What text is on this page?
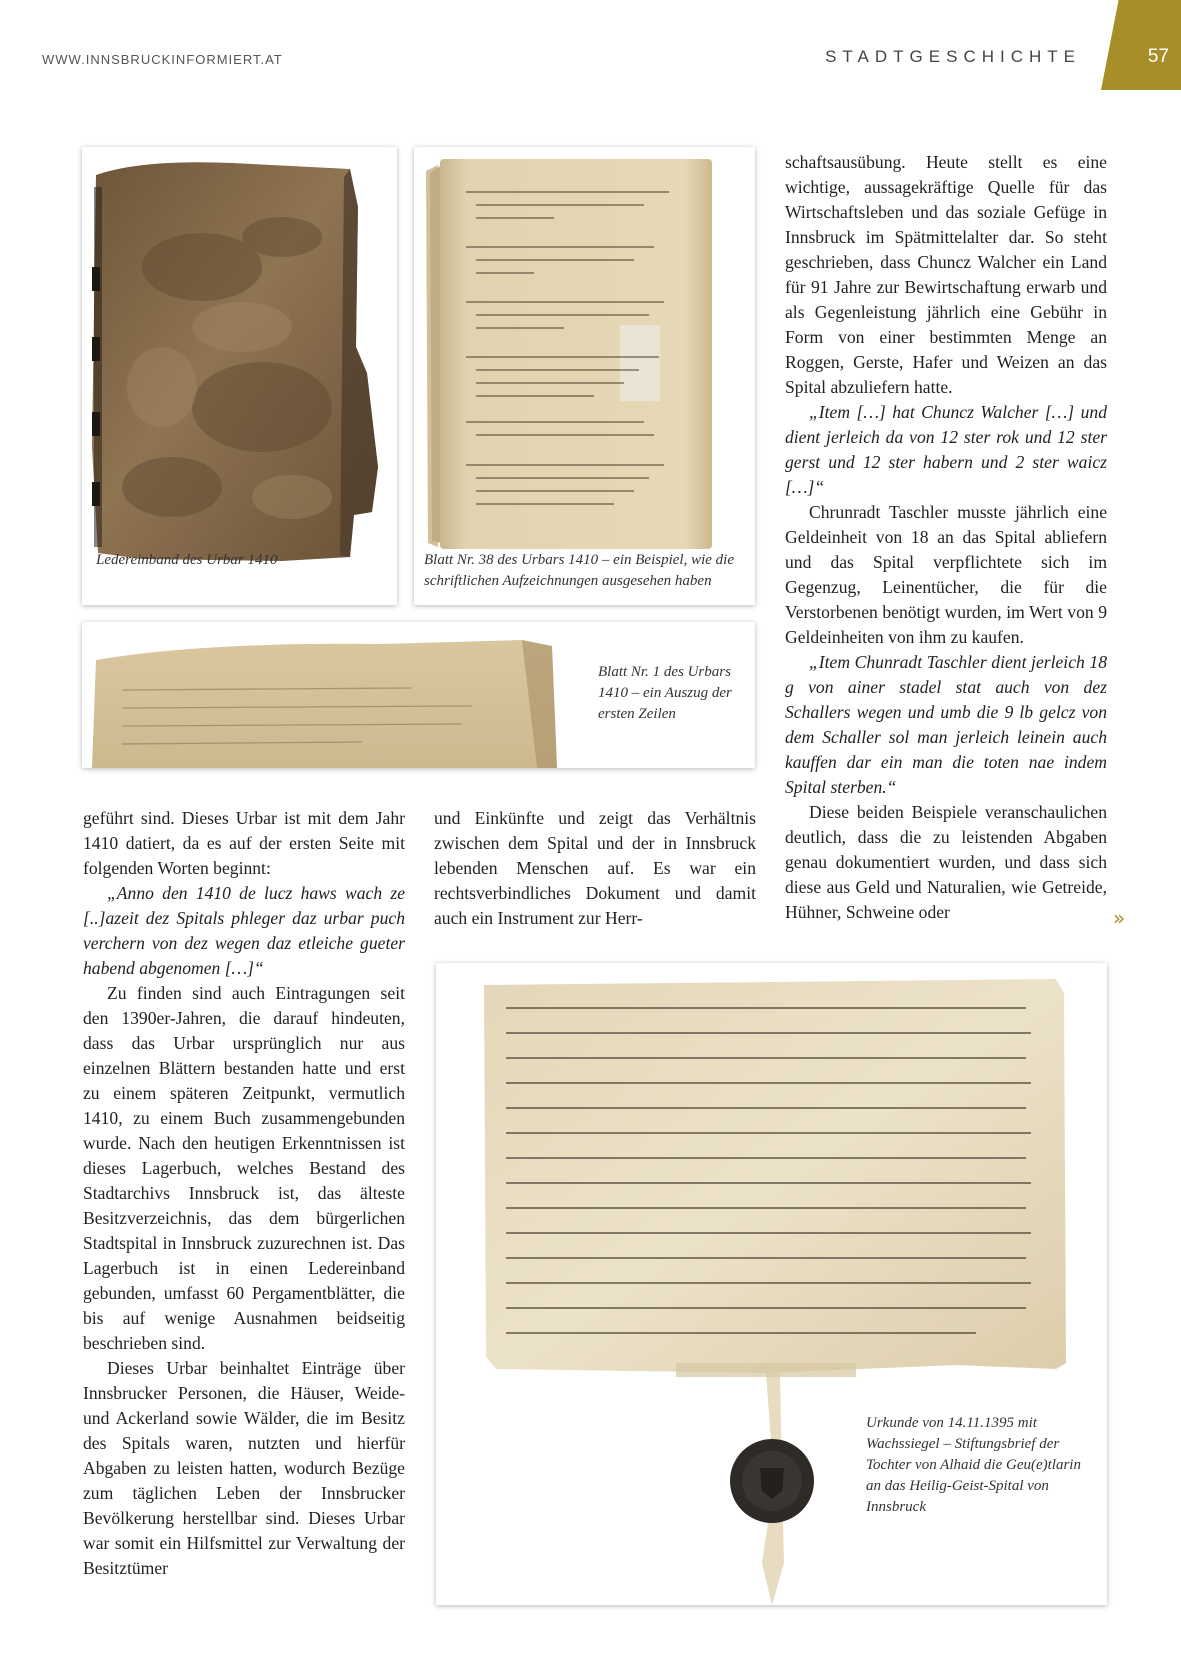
WWW.INNSBRUCKINFORMIERT.AT	STADTGESCHICHTE	57
Ledereinband des Urbar 1410	Blatt Nr. 38 des Urbars 1410 – ein Beispiel, wie die schriftlichen Aufzeichnungen ausgesehen haben
Blatt Nr. 1 des Urbars 1410 – ein Auszug der ersten Zeilen

geführt sind. Dieses Urbar ist mit dem Jahr 1410 datiert, da es auf der ersten Seite mit folgenden Worten beginnt:

„Anno den 1410 de lucz haws wach ze [..]azeit dez Spitals phleger daz urbar puch verchern von dez wegen daz etleiche gueter habend abgenomen […]“

Zu finden sind auch Eintragungen seit den 1390er-Jahren, die darauf hindeuten, dass das Urbar ursprünglich nur aus einzelnen Blättern bestanden hatte und erst zu einem späteren Zeitpunkt, vermutlich 1410, zu einem Buch zusammengebunden wurde. Nach den heutigen Erkenntnissen ist dieses Lagerbuch, welches Bestand des Stadtarchivs Innsbruck ist, das älteste Besitzverzeichnis, das dem bürgerlichen Stadtspital in Innsbruck zuzurechnen ist. Das Lagerbuch ist in einen Ledereinband gebunden, umfasst 60 Pergamentblätter, die bis auf wenige Ausnahmen beidseitig beschrieben sind.

Dieses Urbar beinhaltet Einträge über Innsbrucker Personen, die Häuser, Weide- und Ackerland sowie Wälder, die im Besitz des Spitals waren, nutzten und hierfür Abgaben zu leisten hatten, wodurch Bezüge zum täglichen Leben der Innsbrucker Bevölkerung herstellbar sind. Dieses Urbar war somit ein Hilfsmittel zur Verwaltung der Besitztümer

und Einkünfte und zeigt das Verhältnis zwischen dem Spital und der in Innsbruck lebenden Menschen auf. Es war ein rechtsverbindliches Dokument und damit auch ein Instrument zur Herr-

schaftsausübung. Heute stellt es eine wichtige, aussagekräftige Quelle für das Wirtschaftsleben und das soziale Gefüge in Innsbruck im Spätmittelalter dar. So steht geschrieben, dass Chuncz Walcher ein Land für 91 Jahre zur Bewirtschaftung erwarb und als Gegenleistung jährlich eine Gebühr in Form von einer bestimmten Menge an Roggen, Gerste, Hafer und Weizen an das Spital abzuliefern hatte.

„Item […] hat Chuncz Walcher […] und dient jerleich da von 12 ster rok und 12 ster gerst und 12 ster habern und 2 ster waicz […]“

Chrunradt Taschler musste jährlich eine Geldeinheit von 18 an das Spital abliefern und das Spital verpflichtete sich im Gegenzug, Leinentücher, die für die Verstorbenen benötigt wurden, im Wert von 9 Geldeinheiten von ihm zu kaufen.

„Item Chunradt Taschler dient jerleich 18 g von ainer stadel stat auch von dez Schallers wegen und umb die 9 lb gelcz von dem Schaller sol man jerleich leinein auch kauffen dar ein man die toten nae indem Spital sterben.“

Diese beiden Beispiele veranschaulichen deutlich, dass die zu leistenden Abgaben genau dokumentiert wurden, und dass sich diese aus Geld und Naturalien, wie Getreide, Hühner, Schweine oder	»
Urkunde von 14.11.1395 mit Wachssiegel – Stiftungsbrief der Tochter von Alhaid die Geu(e)tlarin an das Heilig-Geist-Spital von Innsbruck
